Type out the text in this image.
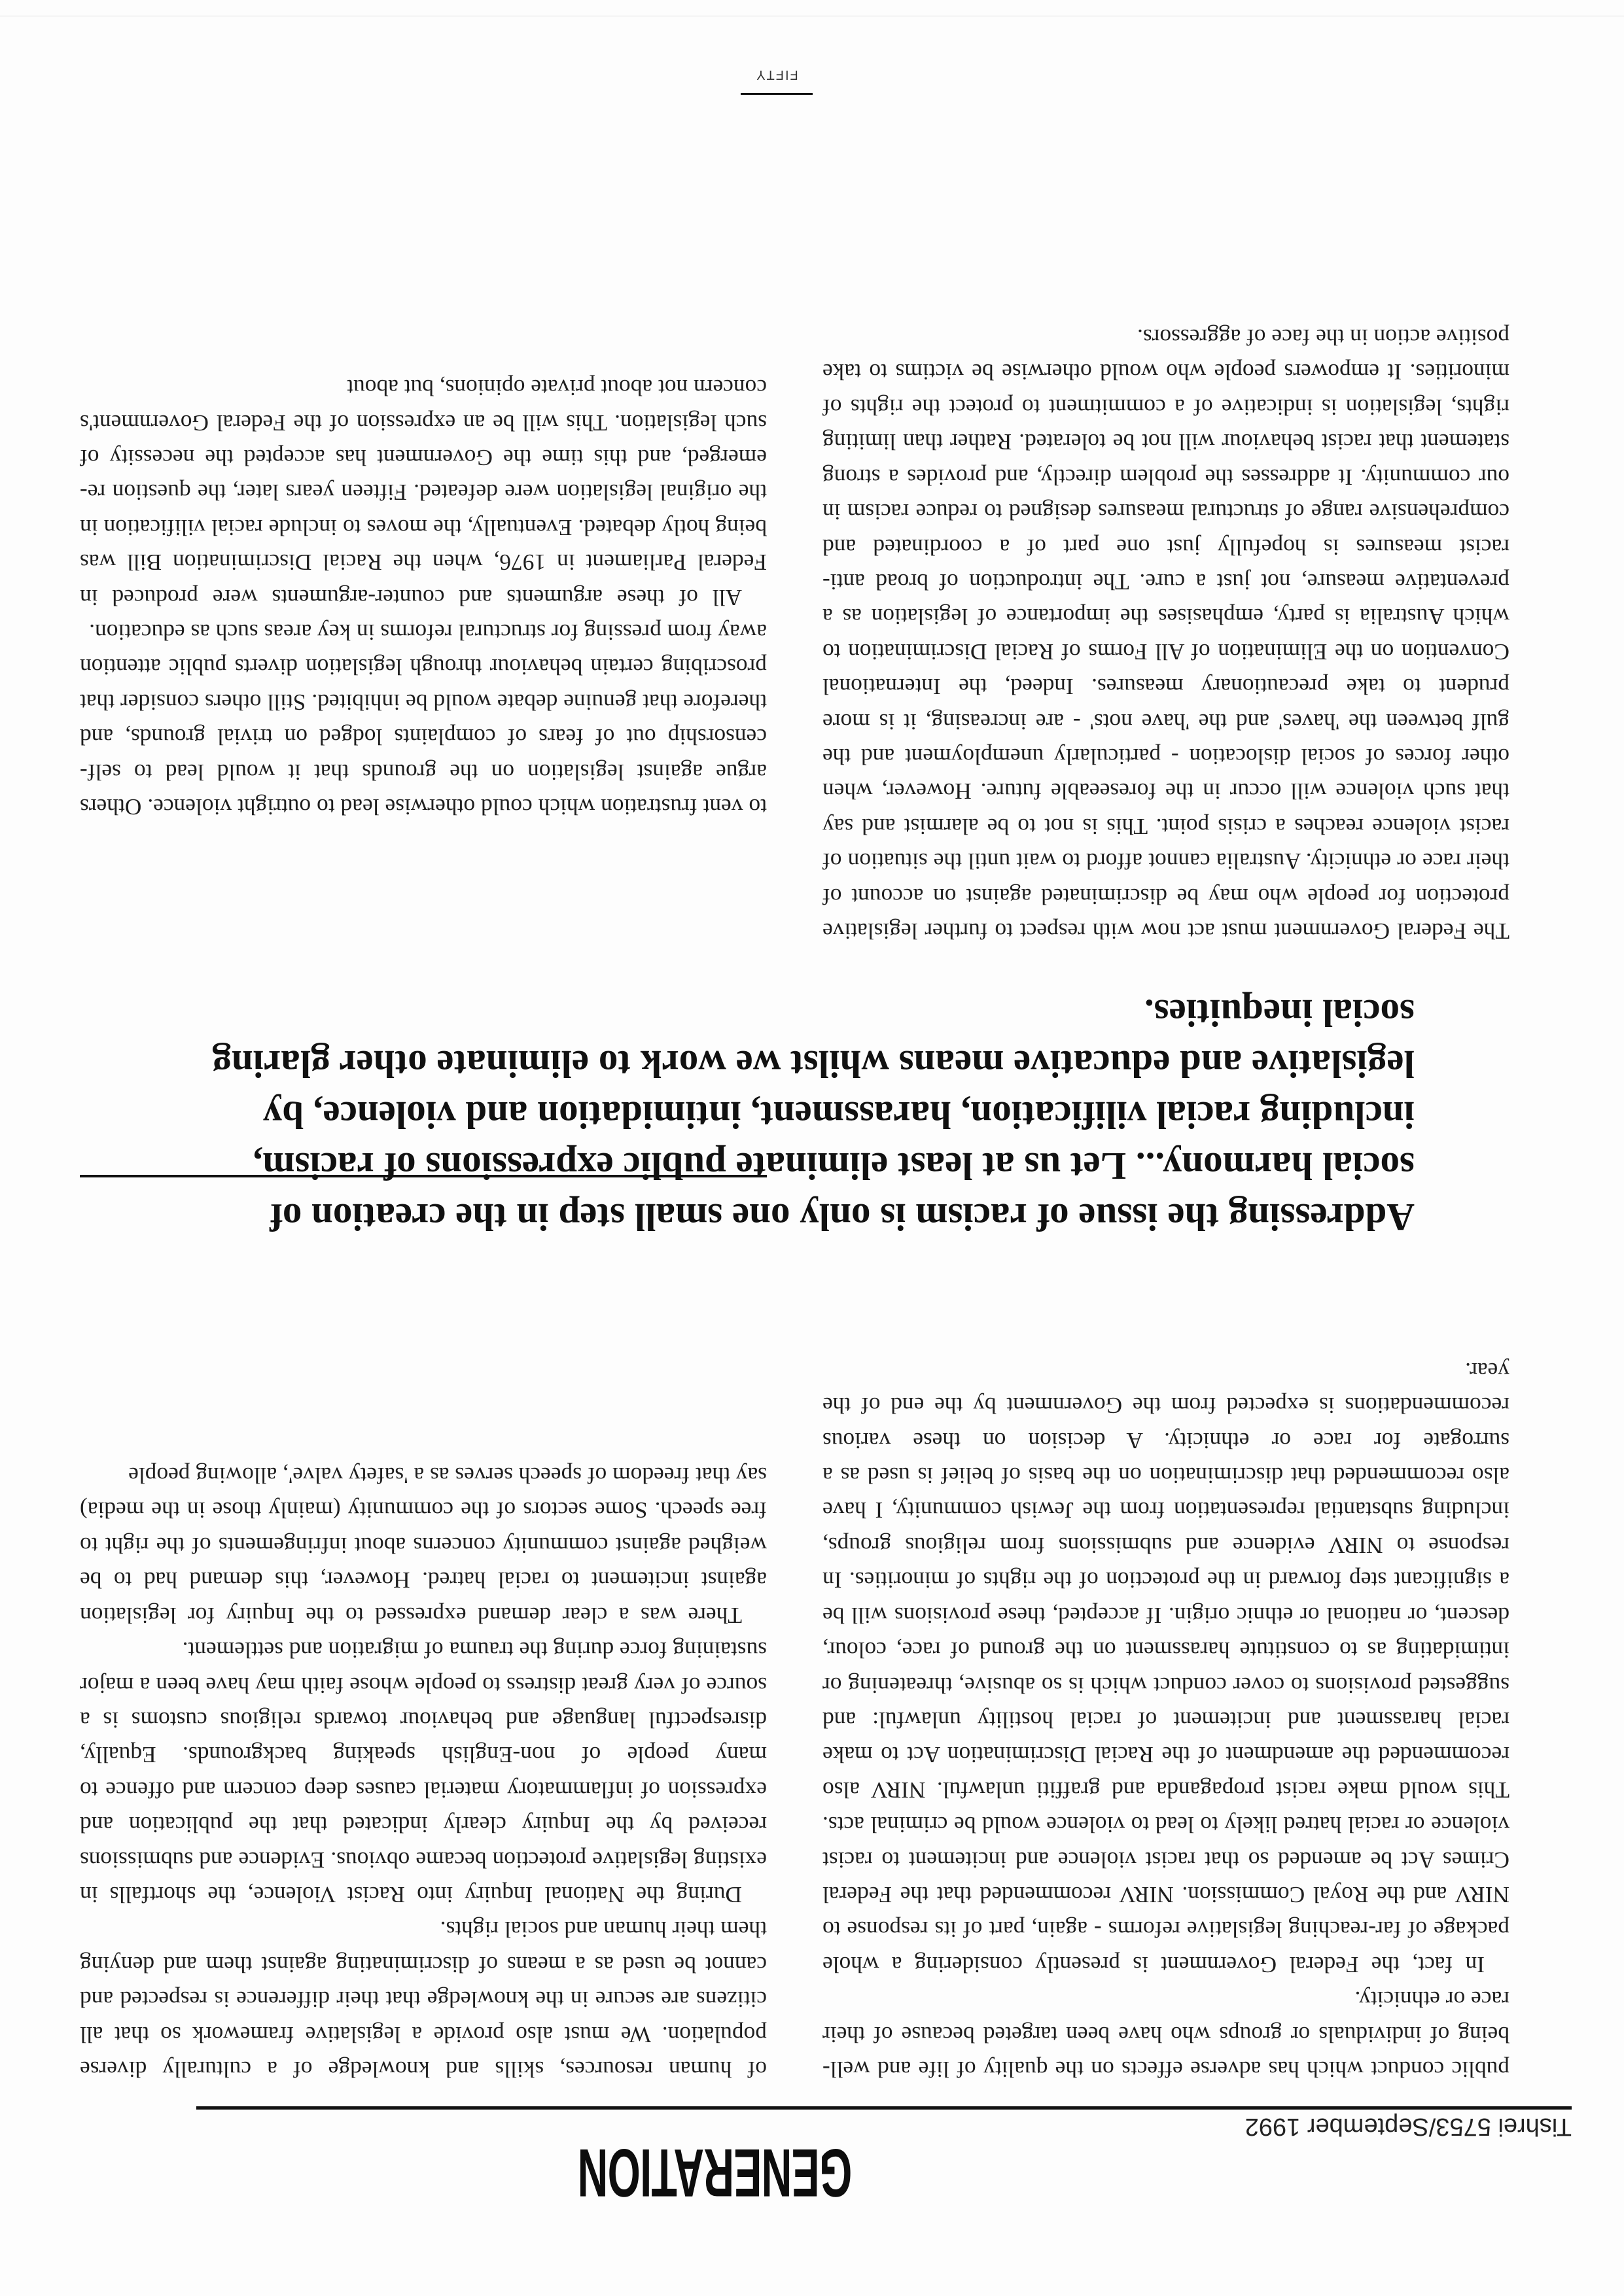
GENERATION
Tishrei 5753/September 1992

of human resources, skills and knowledge of a culturally diverse population. We must also provide a legislative framework so that all citizens are secure in the knowledge that their difference is respected and cannot be used as a means of discriminating against them and denying them their human and social rights.

During the National Inquiry into Racist Violence, the shortfalls in existing legislative protection became obvious. Evidence and submissions received by the Inquiry clearly indicated that the publication and expression of inflammatory material causes deep concern and offence to many people of non-English speaking backgrounds. Equally, disrespectful language and behaviour towards religious customs is a source of very great distress to people whose faith may have been a major sustaining force during the trauma of migration and settlement.

There was a clear demand expressed to the Inquiry for legislation against incitement to racial hatred. However, this demand had to be weighed against community concerns about infringements of the right to free speech. Some sectors of the community (mainly those in the media) say that freedom of speech serves as a 'safety valve', allowing people

to vent frustration which could otherwise lead to outright violence. Others argue against legislation on the grounds that it would lead to self-censorship out of fears of complaints lodged on trivial grounds, and therefore that genuine debate would be inhibited. Still others consider that proscribing certain behaviour through legislation diverts public attention away from pressing for structural reforms in key areas such as education.

All of these arguments and counter-arguments were produced in Federal Parliament in 1976, when the Racial Discrimination Bill was being hotly debated. Eventually, the moves to include racial vilification in the original legislation were defeated. Fifteen years later, the question re-emerged, and this time the Government has accepted the necessity of such legislation. This will be an expression of the Federal Government's concern not about private opinions, but about

public conduct which has adverse effects on the quality of life and well-being of individuals or groups who have been targeted because of their race or ethnicity.

In fact, the Federal Government is presently considering a whole package of far-reaching legislative reforms - again, part of its response to NIRV and the Royal Commission. NIRV recommended that the Federal Crimes Act be amended so that racist violence and incitement to racist violence or racial hatred likely to lead to violence would be criminal acts. This would make racist propaganda and graffiti unlawful. NIRV also recommended the amendment of the Racial Discrimination Act to make racial harassment and incitement of racial hostility unlawful: and suggested provisions to cover conduct which is so abusive, threatening or intimidating as to constitute harassment on the ground of race, colour, descent, or national or ethnic origin. If accepted, these provisions will be a significant step forward in the protection of the rights of minorities. In response to NIRV evidence and submissions from religious groups, including substantial representation from the Jewish community, I have also recommended that discrimination on the basis of belief is used as a surrogate for race or ethnicity. A decision on these various recommendations is expected from the Government by the end of the year.

Addressing the issue of racism is only one small step in the creation of social harmony... Let us at least eliminate public expressions of racism, including racial vilification, harassment, intimidation and violence, by legislative and educative means whilst we work to eliminate other glaring social inequities.

The Federal Government must act now with respect to further legislative protection for people who may be discriminated against on account of their race or ethnicity. Australia cannot afford to wait until the situation of racist violence reaches a crisis point. This is not to be alarmist and say that such violence will occur in the foreseeable future. However, when other forces of social dislocation - particularly unemployment and the gulf between the 'haves' and the 'have nots' - are increasing, it is more prudent to take precautionary measures. Indeed, the International Convention on the Elimination of All Forms of Racial Discrimination to which Australia is party, emphasises the importance of legislation as a preventative measure, not just a cure. The introduction of broad anti-racist measures is hopefully just one part of a coordinated and comprehensive range of structural measures designed to reduce racism in our community. It addresses the problem directly, and provides a strong statement that racist behaviour will not be tolerated. Rather than limiting rights, legislation is indicative of a commitment to protect the rights of minorities. It empowers people who would otherwise be victims to take positive action in the face of aggressors.

FIFTY
